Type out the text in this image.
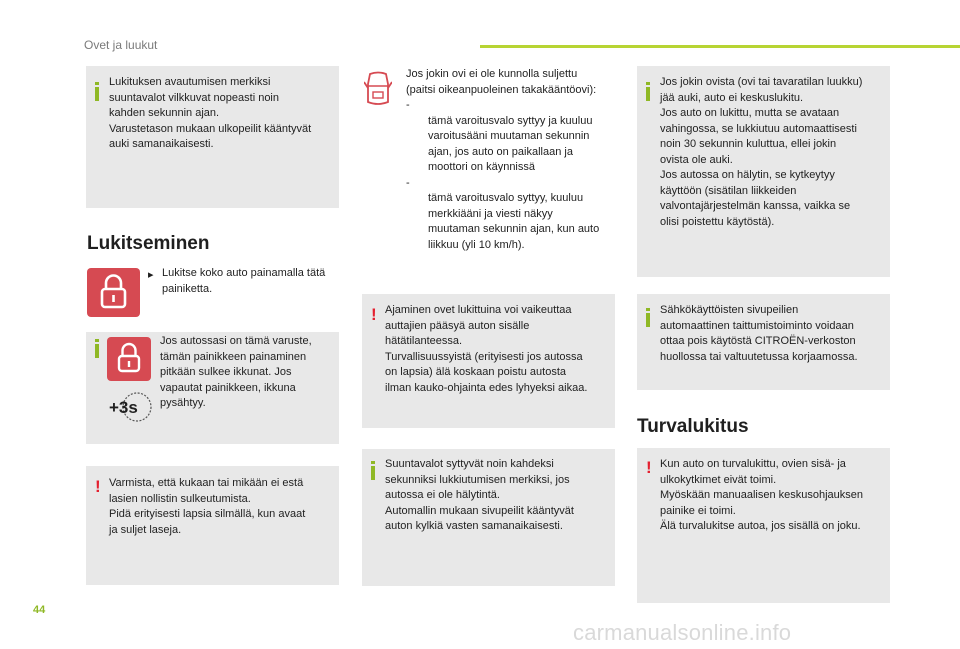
Ovet ja luukut
Lukituksen avautumisen merkiksi
suuntavalot vilkkuvat nopeasti noin
kahden sekunnin ajan.
Varustetason mukaan ulkopeilit kääntyvät
auki samanaikaisesti.
Lukitseminen
▸ Lukitse koko auto painamalla tätä
painiketta.
+3s
Jos autossasi on tämä varuste,
tämän painikkeen painaminen
pitkään sulkee ikkunat. Jos
vapautat painikkeen, ikkuna
pysähtyy.
! Varmista, että kukaan tai mikään ei estä
lasien nollistin sulkeutumista.
Pidä erityisesti lapsia silmällä, kun avaat
ja suljet laseja.
Jos jokin ovi ei ole kunnolla suljettu
(paitsi oikeanpuoleinen takakääntöovi):

-
tämä varoitusvalo syttyy ja kuuluu
varoitusääni muutaman sekunnin
ajan, jos auto on paikallaan ja
moottori on käynnissä

-
tämä varoitusvalo syttyy, kuuluu
merkkiääni ja viesti näkyy
muutaman sekunnin ajan, kun auto
liikkuu (yli 10 km/h).

! Ajaminen ovet lukittuina voi vaikeuttaa
auttajien pääsyä auton sisälle
hätätilanteessa.
Turvallisuussyistä (erityisesti jos autossa
on lapsia) älä koskaan poistu autosta
ilman kauko-ohjainta edes lyhyeksi aikaa.
Suuntavalot syttyvät noin kahdeksi
sekunniksi lukkiutumisen merkiksi, jos
autossa ei ole hälytintä.
Automallin mukaan sivupeilit kääntyvät
auton kylkiä vasten samanaikaisesti.
Jos jokin ovista (ovi tai tavaratilan luukku)
jää auki, auto ei keskuslukitu.
Jos auto on lukittu, mutta se avataan
vahingossa, se lukkiutuu automaattisesti
noin 30 sekunnin kuluttua, ellei jokin
ovista ole auki.
Jos autossa on hälytin, se kytkeytyy
käyttöön (sisätilan liikkeiden
valvontajärjestelmän kanssa, vaikka se
olisi poistettu käytöstä).
Sähkökäyttöisten sivupeilien
automaattinen taittumistoiminto voidaan
ottaa pois käytöstä CITROËN-verkoston
huollossa tai valtuutetussa korjaamossa.
Turvalukitus
! Kun auto on turvalukittu, ovien sisä- ja
ulkokytkimet eivät toimi.
Myöskään manuaalisen keskusohjauksen
painike ei toimi.
Älä turvalukitse autoa, jos sisällä on joku.
44
carmanualsonline.info
